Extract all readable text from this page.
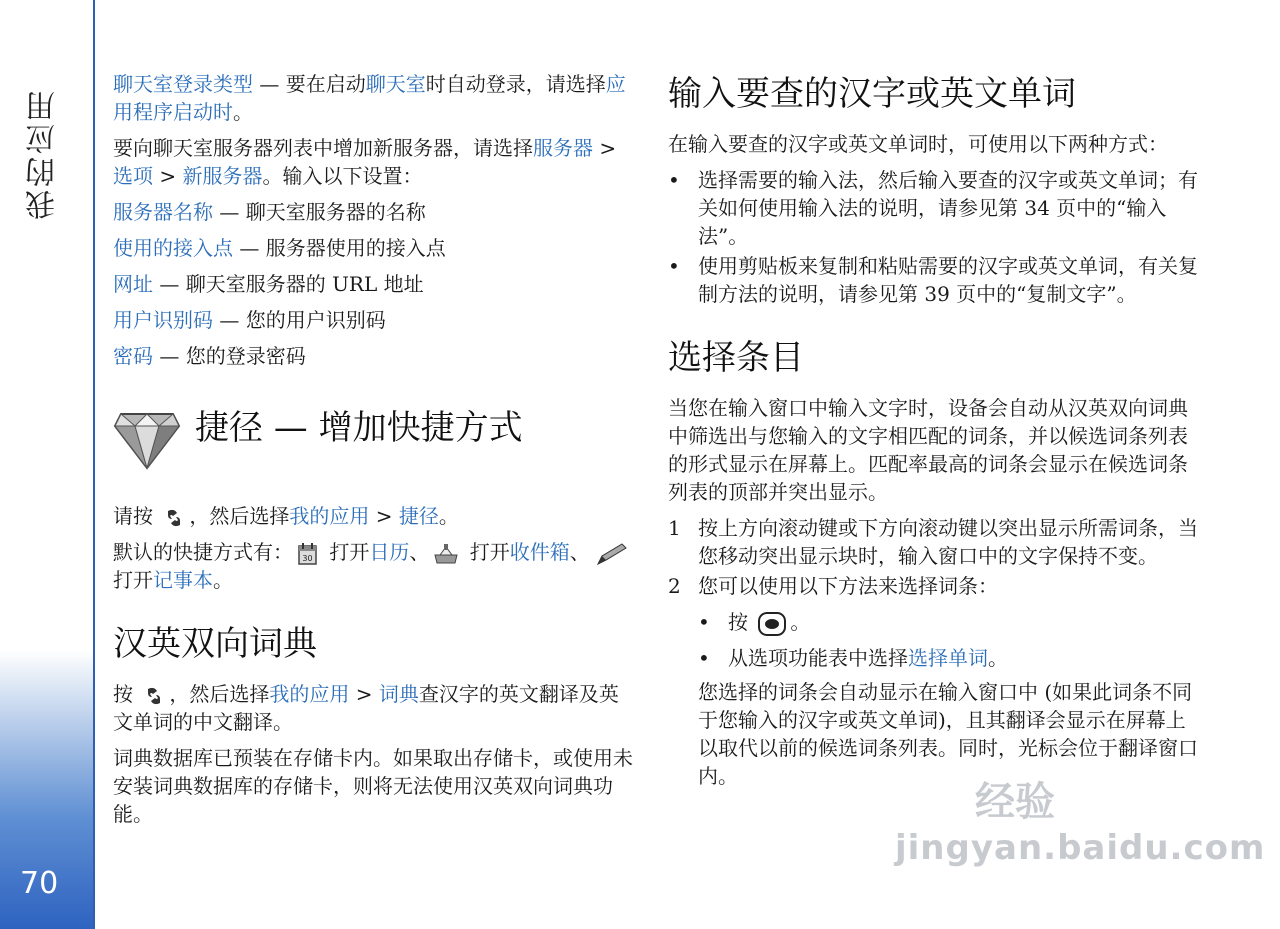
我的应用
70

聊天室登录类型 — 要在启动聊天室时自动登录，请选择应用程序启动时。

要向聊天室服务器列表中增加新服务器，请选择服务器 > 选项 > 新服务器。输入以下设置：

服务器名称 — 聊天室服务器的名称

使用的接入点 — 服务器使用的接入点

网址 — 聊天室服务器的 URL 地址

用户识别码 — 您的用户识别码

密码 — 您的登录密码

捷径 — 增加快捷方式

请按 ，然后选择我的应用 > 捷径。

默认的快捷方式有： 30 打开日历、 打开收件箱、 打开记事本。

汉英双向词典

按 ，然后选择我的应用 > 词典查汉字的英文翻译及英文单词的中文翻译。

词典数据库已预装在存储卡内。如果取出存储卡，或使用未安装词典数据库的存储卡，则将无法使用汉英双向词典功能。

输入要查的汉字或英文单词

在输入要查的汉字或英文单词时，可使用以下两种方式：

• 选择需要的输入法，然后输入要查的汉字或英文单词；有关如何使用输入法的说明，请参见第 34 页中的“输入法”。
• 使用剪贴板来复制和粘贴需要的汉字或英文单词，有关复制方法的说明，请参见第 39 页中的“复制文字”。
选择条目

当您在输入窗口中输入文字时，设备会自动从汉英双向词典中筛选出与您输入的文字相匹配的词条，并以候选词条列表的形式显示在屏幕上。匹配率最高的词条会显示在候选词条列表的顶部并突出显示。

1 按上方向滚动键或下方向滚动键以突出显示所需词条，当您移动突出显示块时，输入窗口中的文字保持不变。
2 您可以使用以下方法来选择词条：
• 按 。
• 从选项功能表中选择选择单词。

您选择的词条会自动显示在输入窗口中 (如果此词条不同于您输入的汉字或英文单词)，且其翻译会显示在屏幕上以取代以前的候选词条列表。同时，光标会位于翻译窗口内。

经验
jingyan.baidu.com
